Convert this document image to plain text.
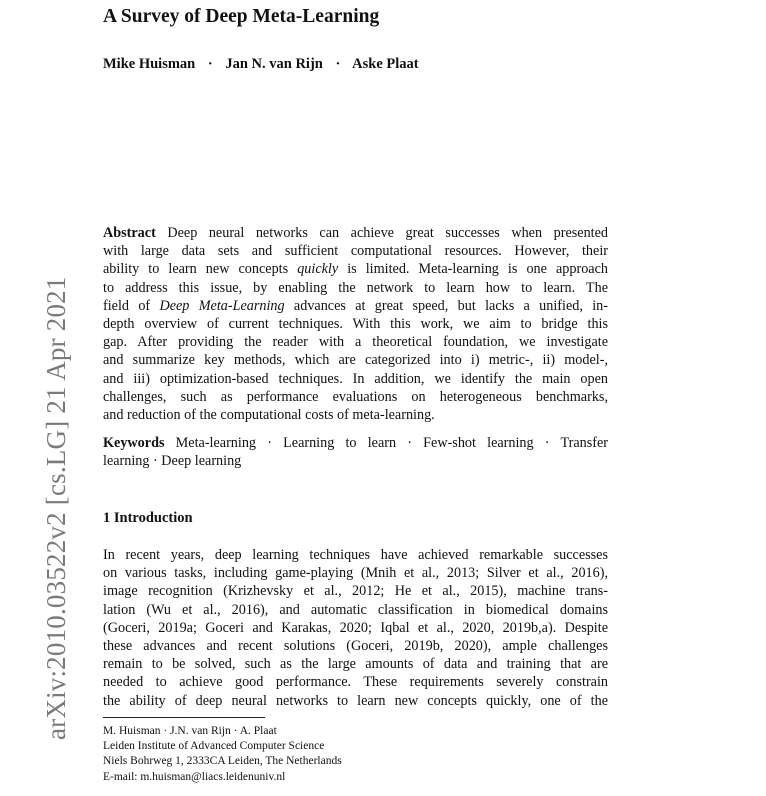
A Survey of Deep Meta-Learning
Mike Huisman · Jan N. van Rijn · Aske Plaat
arXiv:2010.03522v2 [cs.LG] 21 Apr 2021
Abstract Deep neural networks can achieve great successes when presented
with large data sets and sufficient computational resources. However, their
ability to learn new concepts quickly is limited. Meta-learning is one approach
to address this issue, by enabling the network to learn how to learn. The
field of Deep Meta-Learning advances at great speed, but lacks a unified, in-
depth overview of current techniques. With this work, we aim to bridge this
gap. After providing the reader with a theoretical foundation, we investigate
and summarize key methods, which are categorized into i) metric-, ii) model-,
and iii) optimization-based techniques. In addition, we identify the main open
challenges, such as performance evaluations on heterogeneous benchmarks,
and reduction of the computational costs of meta-learning.
Keywords Meta-learning · Learning to learn · Few-shot learning · Transfer
learning · Deep learning
1 Introduction
In recent years, deep learning techniques have achieved remarkable successes
on various tasks, including game-playing (Mnih et al., 2013; Silver et al., 2016),
image recognition (Krizhevsky et al., 2012; He et al., 2015), machine trans-
lation (Wu et al., 2016), and automatic classification in biomedical domains
(Goceri, 2019a; Goceri and Karakas, 2020; Iqbal et al., 2020, 2019b,a). Despite
these advances and recent solutions (Goceri, 2019b, 2020), ample challenges
remain to be solved, such as the large amounts of data and training that are
needed to achieve good performance. These requirements severely constrain
the ability of deep neural networks to learn new concepts quickly, one of the
M. Huisman · J.N. van Rijn · A. Plaat
Leiden Institute of Advanced Computer Science
Niels Bohrweg 1, 2333CA Leiden, The Netherlands
E-mail: m.huisman@liacs.leidenuniv.nl
